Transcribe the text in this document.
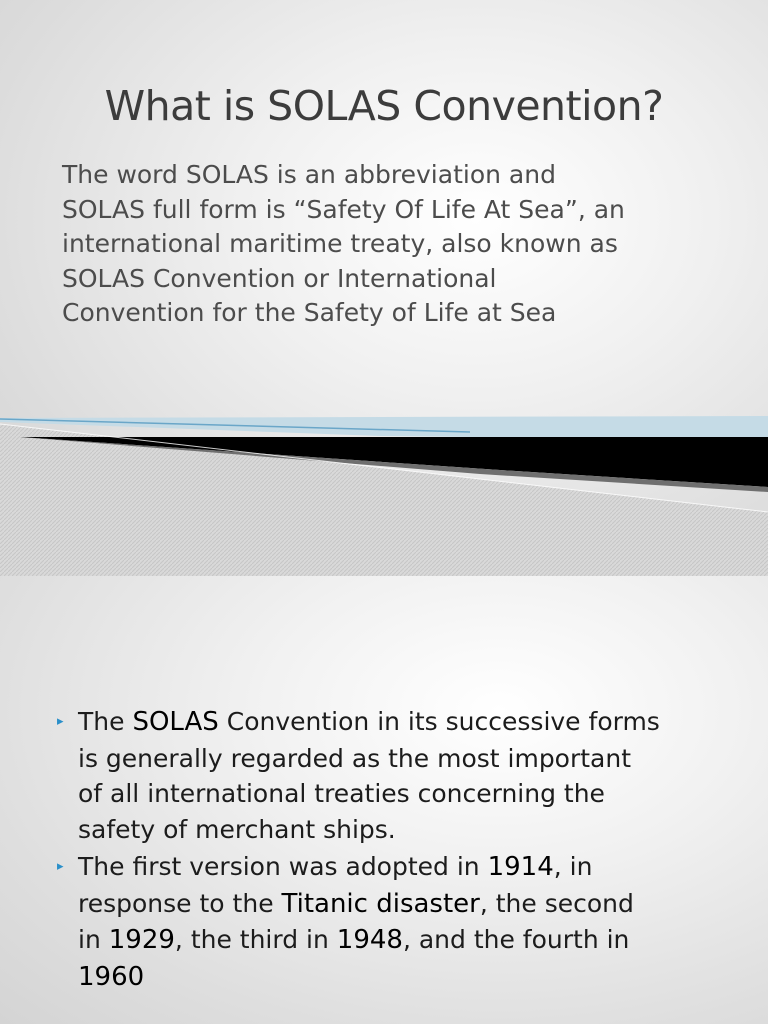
What is SOLAS Convention?
The word SOLAS is an abbreviation and
SOLAS full form is “Safety Of Life At Sea”, an
international maritime treaty, also known as
SOLAS Convention or International
Convention for the Safety of Life at Sea
▸ The SOLAS Convention in its successive forms
is generally regarded as the most important
of all international treaties concerning the
safety of merchant ships.
▸ The first version was adopted in 1914, in
response to the Titanic disaster, the second
in 1929, the third in 1948, and the fourth in
1960
